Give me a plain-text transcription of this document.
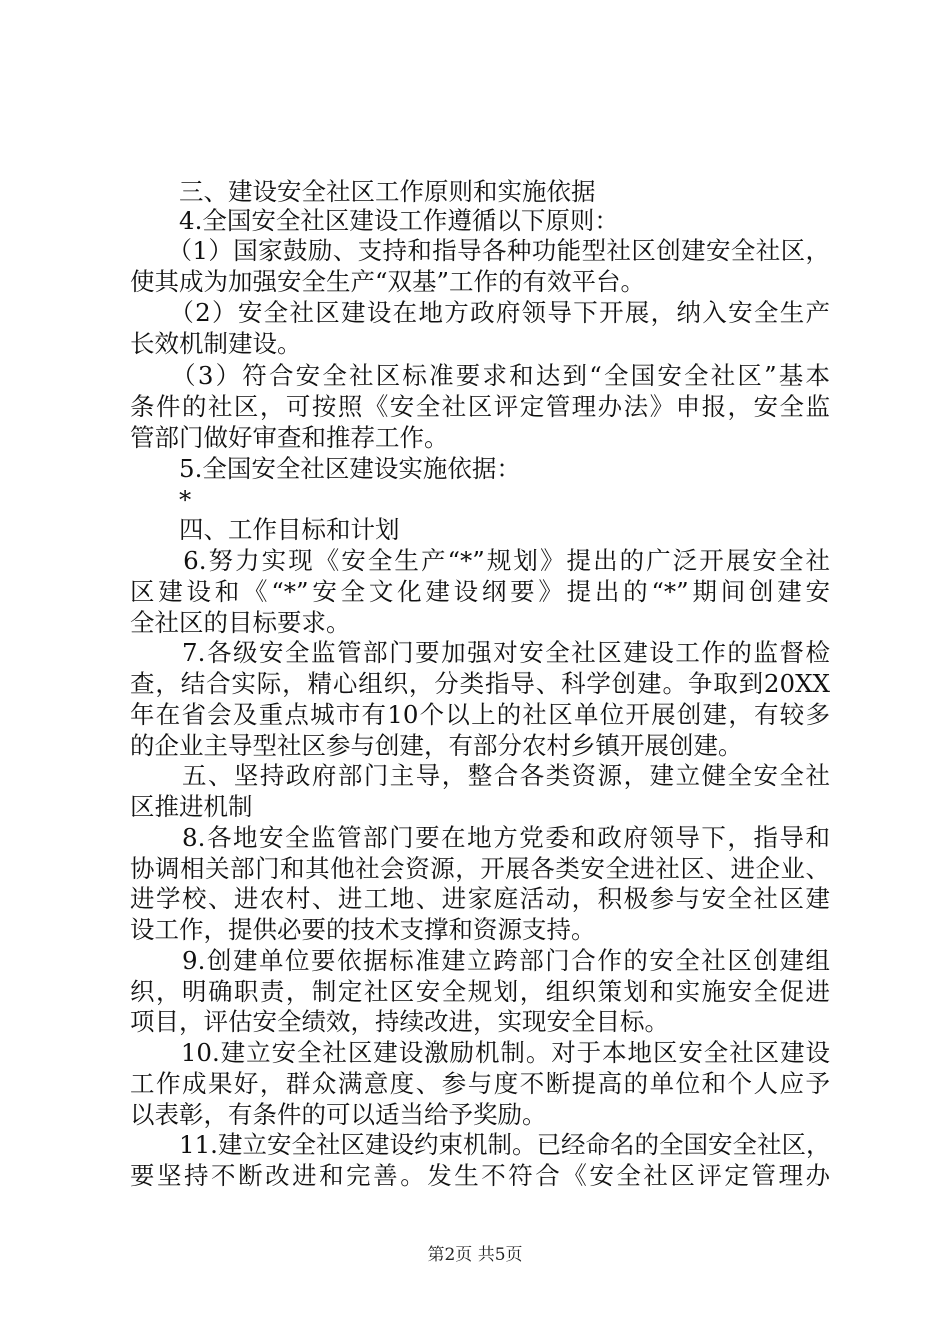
　　三、建设安全社区工作原则和实施依据
　　4.全国安全社区建设工作遵循以下原则：
　　（1）国家鼓励、支持和指导各种功能型社区创建安全社区，
使其成为加强安全生产“双基”工作的有效平台。
　　（2）安全社区建设在地方政府领导下开展，纳入安全生产
长效机制建设。
　　（3）符合安全社区标准要求和达到“全国安全社区”基本
条件的社区，可按照《安全社区评定管理办法》申报，安全监
管部门做好审查和推荐工作。
　　5.全国安全社区建设实施依据：
　　*
　　四、工作目标和计划
　　6.努力实现《安全生产“*”规划》提出的广泛开展安全社
区建设和《“*”安全文化建设纲要》提出的“*”期间创建安
全社区的目标要求。
　　7.各级安全监管部门要加强对安全社区建设工作的监督检
查，结合实际，精心组织，分类指导、科学创建。争取到20XX
年在省会及重点城市有10个以上的社区单位开展创建，有较多
的企业主导型社区参与创建，有部分农村乡镇开展创建。
　　五、坚持政府部门主导，整合各类资源，建立健全安全社
区推进机制
　　8.各地安全监管部门要在地方党委和政府领导下，指导和
协调相关部门和其他社会资源，开展各类安全进社区、进企业、
进学校、进农村、进工地、进家庭活动，积极参与安全社区建
设工作，提供必要的技术支撑和资源支持。
　　9.创建单位要依据标准建立跨部门合作的安全社区创建组
织，明确职责，制定社区安全规划，组织策划和实施安全促进
项目，评估安全绩效，持续改进，实现安全目标。
　　10.建立安全社区建设激励机制。对于本地区安全社区建设
工作成果好，群众满意度、参与度不断提高的单位和个人应予
以表彰，有条件的可以适当给予奖励。
　　11.建立安全社区建设约束机制。已经命名的全国安全社区，
要坚持不断改进和完善。发生不符合《安全社区评定管理办
第2页 共5页
